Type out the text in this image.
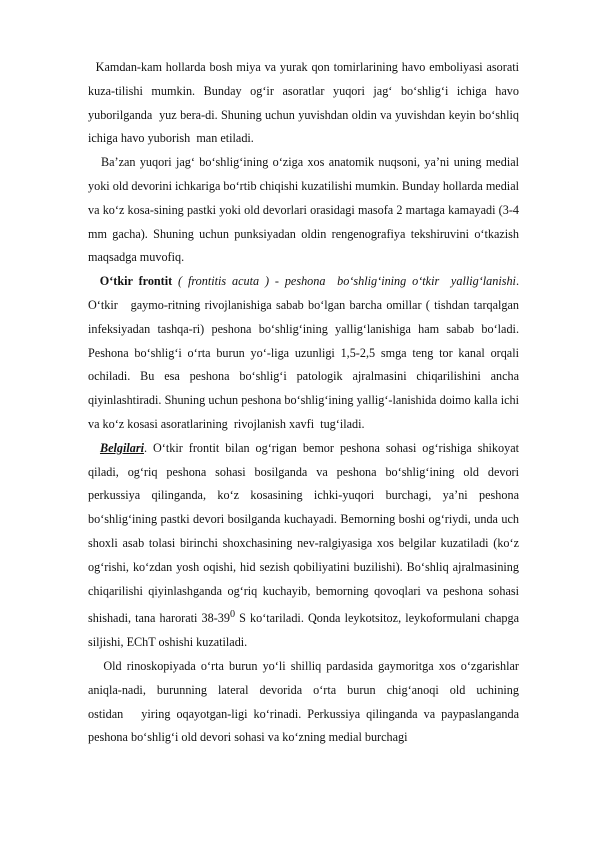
Kamdan-kam hollarda bosh miya va yurak qon tomirlarining havo emboliyasi asorati kuza-tilishi mumkin. Bunday og‘ir asoratlar yuqori jag‘ bo‘shlig‘i ichiga havo yuborilganda  yuz bera-di. Shuning uchun yuvishdan oldin va yuvishdan keyin bo‘shliq ichiga havo yuborish  man etiladi.

Ba’zan yuqori jag‘ bo‘shlig‘ining o‘ziga xos anatomik nuqsoni, ya’ni uning medial yoki old devorini ichkariga bo‘rtib chiqishi kuzatilishi mumkin. Bunday hollarda medial va ko‘z kosa-sining pastki yoki old devorlari orasidagi masofa 2 martaga kamayadi (3-4 mm gacha). Shuning uchun punksiyadan oldin rengenografiya tekshiruvini o‘tkazish maqsadga muvofiq.

O‘tkir frontit ( frontitis acuta ) - peshona  bo‘shlig‘ining o‘tkir  yallig‘lanishi. O‘tkir   gaymo-ritning rivojlanishiga sabab bo‘lgan barcha omillar ( tishdan tarqalgan infeksiyadan tashqa-ri) peshona bo‘shlig‘ining yallig‘lanishiga ham sabab bo‘ladi. Peshona bo‘shlig‘i o‘rta burun yo‘-liga uzunligi 1,5-2,5 smga teng tor kanal orqali ochiladi. Bu esa peshona bo‘shlig‘i patologik ajralmasini chiqarilishini ancha qiyinlashtiradi. Shuning uchun peshona bo‘shlig‘ining yallig‘-lanishida doimo kalla ichi va ko‘z kosasi asoratlarining  rivojlanish xavfi  tug‘iladi.

Belgilari. O‘tkir frontit bilan og‘rigan bemor peshona sohasi og‘rishiga shikoyat qiladi, og‘riq peshona sohasi bosilganda va peshona bo‘shlig‘ining old devori perkussiya qilinganda, ko‘z kosasining ichki-yuqori burchagi, ya’ni peshona bo‘shlig‘ining pastki devori bosilganda kuchayadi. Bemorning boshi og‘riydi, unda uch shoxli asab tolasi birinchi shoxchasining nev-ralgiyasiga xos belgilar kuzatiladi (ko‘z og‘rishi, ko‘zdan yosh oqishi, hid sezish qobiliyatini buzilishi). Bo‘shliq ajralmasining chiqarilishi qiyinlashganda og‘riq kuchayib, bemorning qovoqlari va peshona sohasi shishadi, tana harorati $38-39^0$ S ko‘tariladi. Qonda leykotsitoz, leykoformulani chapga siljishi, EChT oshishi kuzatiladi.

Old rinoskopiyada o‘rta burun yo‘li shilliq pardasida gaymoritga xos o‘zgarishlar aniqla-nadi, burunning lateral devorida o‘rta burun chig‘anoqi old uchining ostidan   yiring oqayotgan-ligi ko‘rinadi. Perkussiya qilinganda va paypaslanganda peshona bo‘shlig‘i old devori sohasi va ko‘zning medial burchagi
